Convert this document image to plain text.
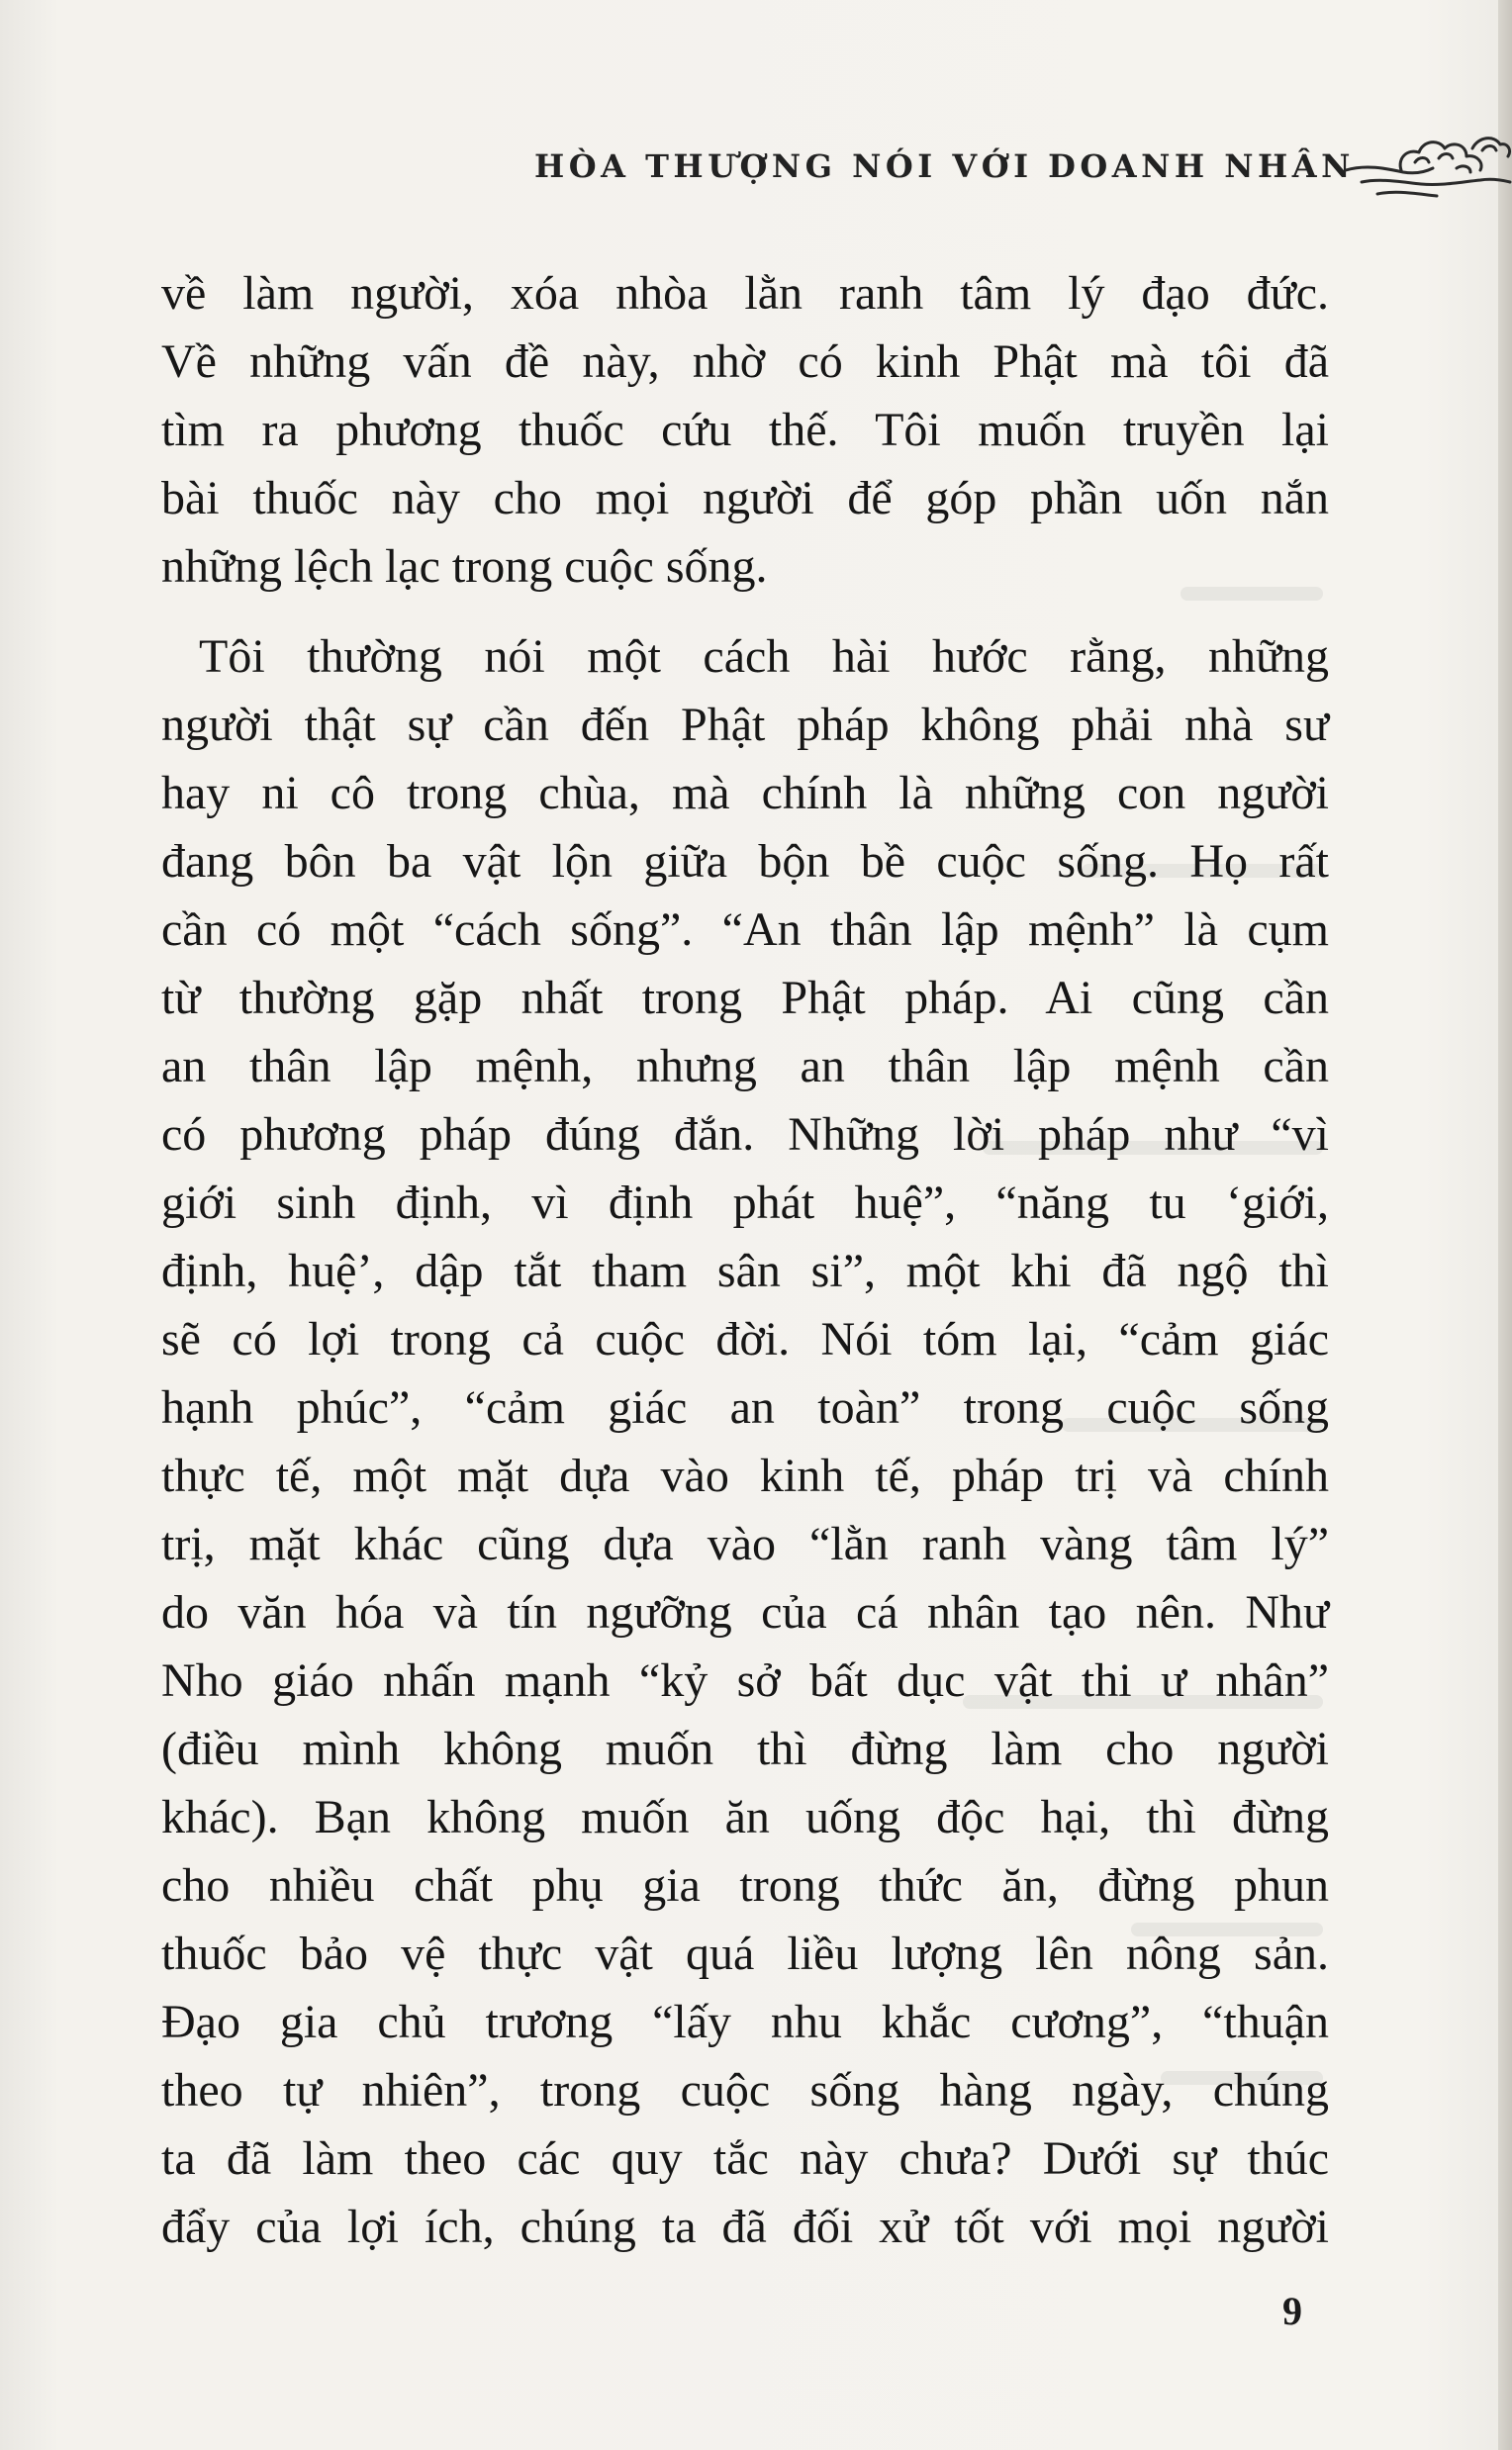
HÒA THƯỢNG NÓI VỚI DOANH NHÂN
về làm người, xóa nhòa lằn ranh tâm lý đạo đức.
Về những vấn đề này, nhờ có kinh Phật mà tôi đã
tìm ra phương thuốc cứu thế. Tôi muốn truyền lại
bài thuốc này cho mọi người để góp phần uốn nắn
những lệch lạc trong cuộc sống.
Tôi thường nói một cách hài hước rằng, những
người thật sự cần đến Phật pháp không phải nhà sư
hay ni cô trong chùa, mà chính là những con người
đang bôn ba vật lộn giữa bộn bề cuộc sống. Họ rất
cần có một “cách sống”. “An thân lập mệnh” là cụm
từ thường gặp nhất trong Phật pháp. Ai cũng cần
an thân lập mệnh, nhưng an thân lập mệnh cần
có phương pháp đúng đắn. Những lời pháp như “vì
giới sinh định, vì định phát huệ”, “năng tu ‘giới,
định, huệ’, dập tắt tham sân si”, một khi đã ngộ thì
sẽ có lợi trong cả cuộc đời. Nói tóm lại, “cảm giác
hạnh phúc”, “cảm giác an toàn” trong cuộc sống
thực tế, một mặt dựa vào kinh tế, pháp trị và chính
trị, mặt khác cũng dựa vào “lằn ranh vàng tâm lý”
do văn hóa và tín ngưỡng của cá nhân tạo nên. Như
Nho giáo nhấn mạnh “kỷ sở bất dục vật thi ư nhân”
(điều mình không muốn thì đừng làm cho người
khác). Bạn không muốn ăn uống độc hại, thì đừng
cho nhiều chất phụ gia trong thức ăn, đừng phun
thuốc bảo vệ thực vật quá liều lượng lên nông sản.
Đạo gia chủ trương “lấy nhu khắc cương”, “thuận
theo tự nhiên”, trong cuộc sống hàng ngày, chúng
ta đã làm theo các quy tắc này chưa? Dưới sự thúc
đẩy của lợi ích, chúng ta đã đối xử tốt với mọi người
9
